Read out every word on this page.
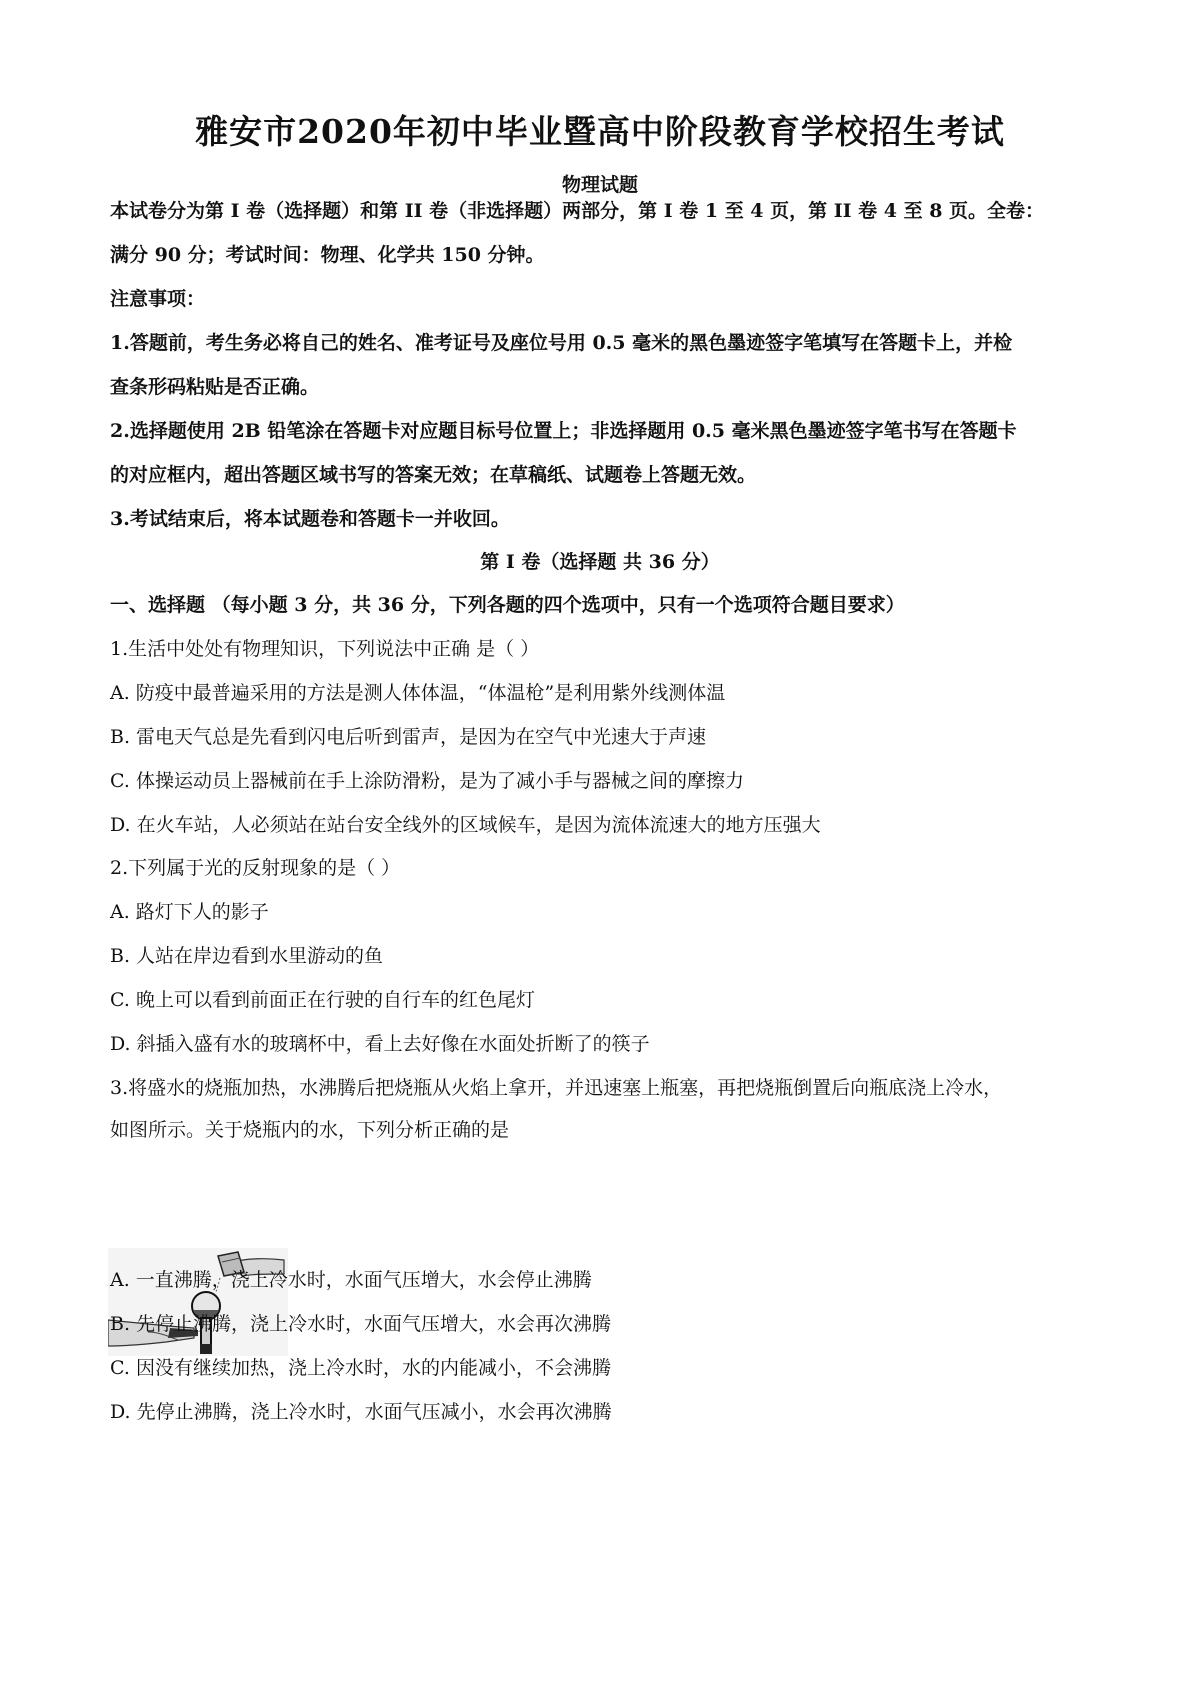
雅安市2020年初中毕业暨高中阶段教育学校招生考试
物理试题
本试卷分为第 I 卷（选择题）和第 II 卷（非选择题）两部分，第 I 卷 1 至 4 页，第 II 卷 4 至 8 页。全卷：
满分 90 分；考试时间：物理、化学共 150 分钟。
注意事项：
1.答题前，考生务必将自己的姓名、准考证号及座位号用 0.5 毫米的黑色墨迹签字笔填写在答题卡上，并检
查条形码粘贴是否正确。
2.选择题使用 2B 铅笔涂在答题卡对应题目标号位置上；非选择题用 0.5 毫米黑色墨迹签字笔书写在答题卡
的对应框内，超出答题区域书写的答案无效；在草稿纸、试题卷上答题无效。
3.考试结束后，将本试题卷和答题卡一并收回。
第 I 卷（选择题 共 36 分）
一、选择题 （每小题 3 分，共 36 分，下列各题的四个选项中，只有一个选项符合题目要求）
1.生活中处处有物理知识，下列说法中正确 是（ ）
A. 防疫中最普遍采用的方法是测人体体温，“体温枪”是利用紫外线测体温
B. 雷电天气总是先看到闪电后听到雷声，是因为在空气中光速大于声速
C. 体操运动员上器械前在手上涂防滑粉，是为了减小手与器械之间的摩擦力
D. 在火车站，人必须站在站台安全线外的区域候车，是因为流体流速大的地方压强大
2.下列属于光的反射现象的是（ ）
A. 路灯下人的影子
B. 人站在岸边看到水里游动的鱼
C. 晚上可以看到前面正在行驶的自行车的红色尾灯
D. 斜插入盛有水的玻璃杯中，看上去好像在水面处折断了的筷子
3.将盛水的烧瓶加热，水沸腾后把烧瓶从火焰上拿开，并迅速塞上瓶塞，再把烧瓶倒置后向瓶底浇上冷水，
如图所示。关于烧瓶内的水，下列分析正确的是
A. 一直沸腾，浇上冷水时，水面气压增大，水会停止沸腾
B. 先停止沸腾，浇上冷水时，水面气压增大，水会再次沸腾
C. 因没有继续加热，浇上冷水时，水的内能减小，不会沸腾
D. 先停止沸腾，浇上冷水时，水面气压减小，水会再次沸腾
